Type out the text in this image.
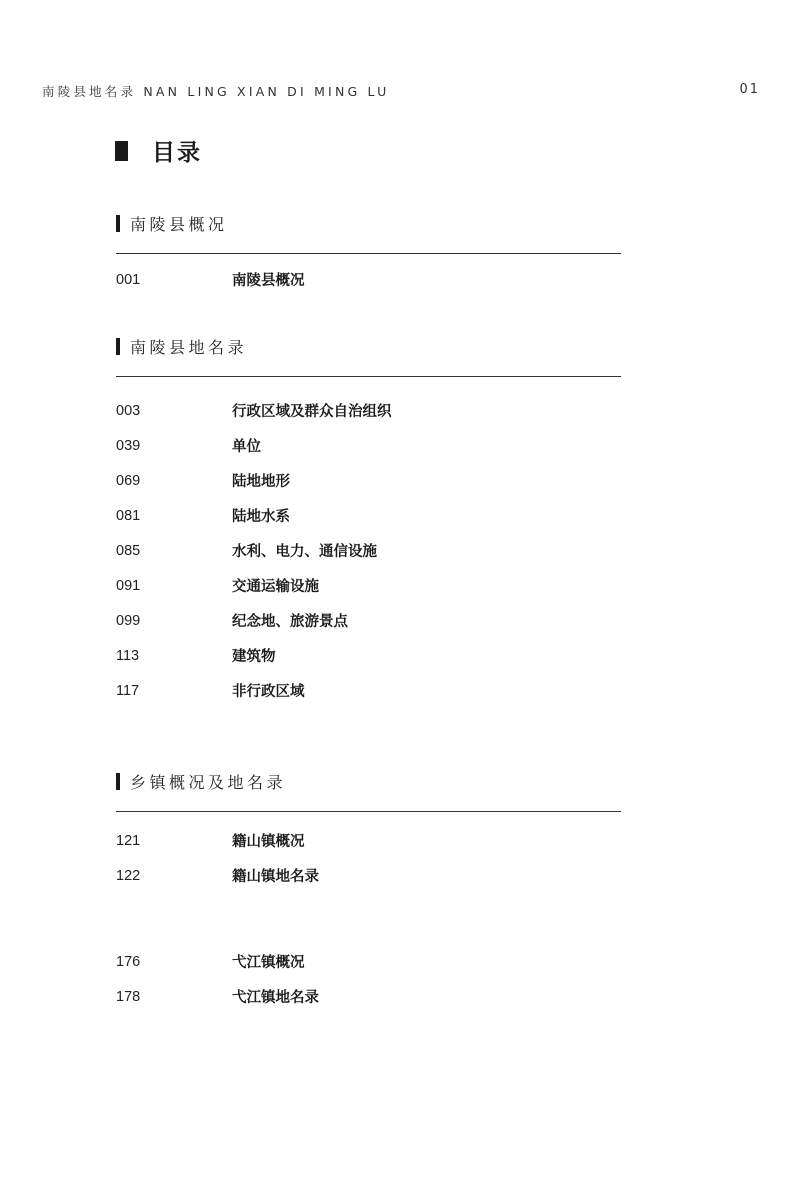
南陵县地名录 NAN LING XIAN DI MING LU	01
目录
南陵县概况
001	南陵县概况
南陵县地名录
003	行政区域及群众自治组织
039	单位
069	陆地地形
081	陆地水系
085	水利、电力、通信设施
091	交通运输设施
099	纪念地、旅游景点
113	建筑物
117	非行政区域
乡镇概况及地名录
121	籍山镇概况
122	籍山镇地名录
176	弋江镇概况
178	弋江镇地名录
